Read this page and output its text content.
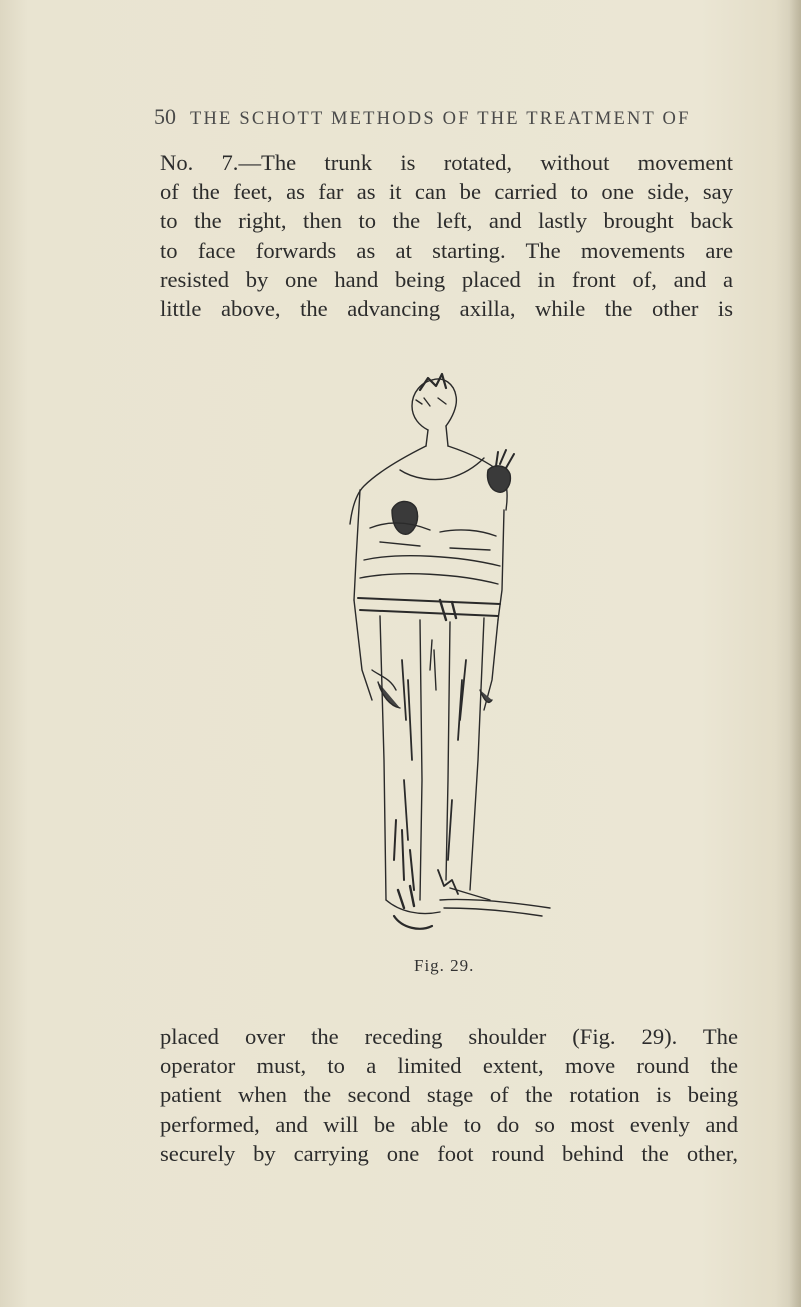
50 THE SCHOTT METHODS OF THE TREATMENT OF
No. 7.—The trunk is rotated, without movement
of the feet, as far as it can be carried to one side, say
to the right, then to the left, and lastly brought back
to face forwards as at starting. The movements are
resisted by one hand being placed in front of, and a
little above, the advancing axilla, while the other is
Fig. 29.
placed over the receding shoulder (Fig. 29). The
operator must, to a limited extent, move round the
patient when the second stage of the rotation is being
performed, and will be able to do so most evenly and
securely by carrying one foot round behind the other,
